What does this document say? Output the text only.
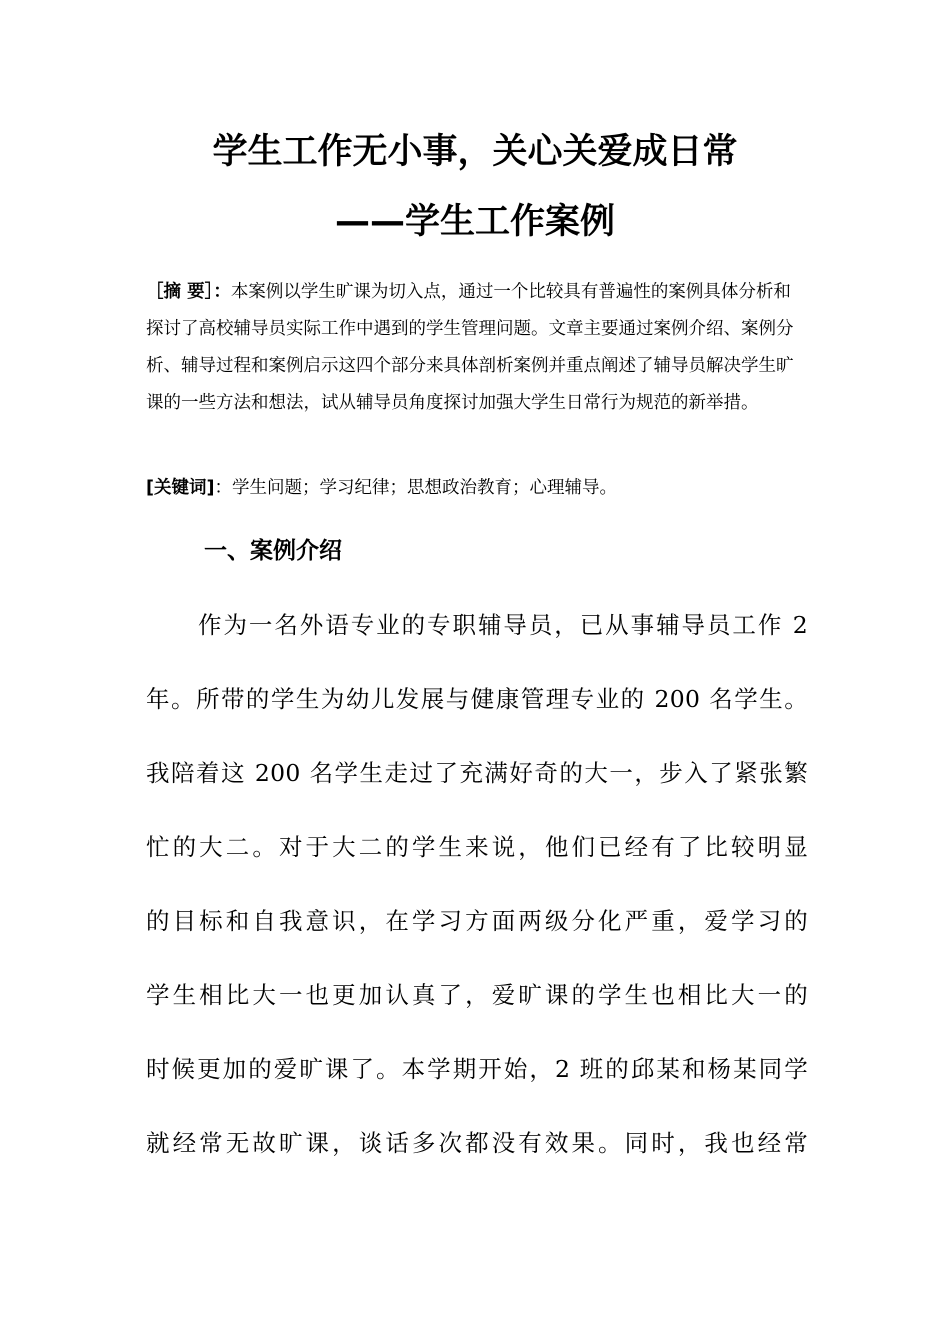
学生工作无小事，关心关爱成日常
——学生工作案例

［摘 要］：本案例以学生旷课为切入点，通过一个比较具有普遍性的案例具体分析和探讨了高校辅导员实际工作中遇到的学生管理问题。文章主要通过案例介绍、案例分析、辅导过程和案例启示这四个部分来具体剖析案例并重点阐述了辅导员解决学生旷课的一些方法和想法，试从辅导员角度探讨加强大学生日常行为规范的新举措。

[关键词]：学生问题；学习纪律；思想政治教育；心理辅导。

一、案例介绍
作为一名外语专业的专职辅导员，已从事辅导员工作 2
年。所带的学生为幼儿发展与健康管理专业的 200 名学生。
我陪着这 200 名学生走过了充满好奇的大一，步入了紧张繁
忙的大二。对于大二的学生来说，他们已经有了比较明显
的目标和自我意识，在学习方面两级分化严重，爱学习的
学生相比大一也更加认真了，爱旷课的学生也相比大一的
时候更加的爱旷课了。本学期开始，2 班的邱某和杨某同学
就经常无故旷课，谈话多次都没有效果。同时，我也经常
